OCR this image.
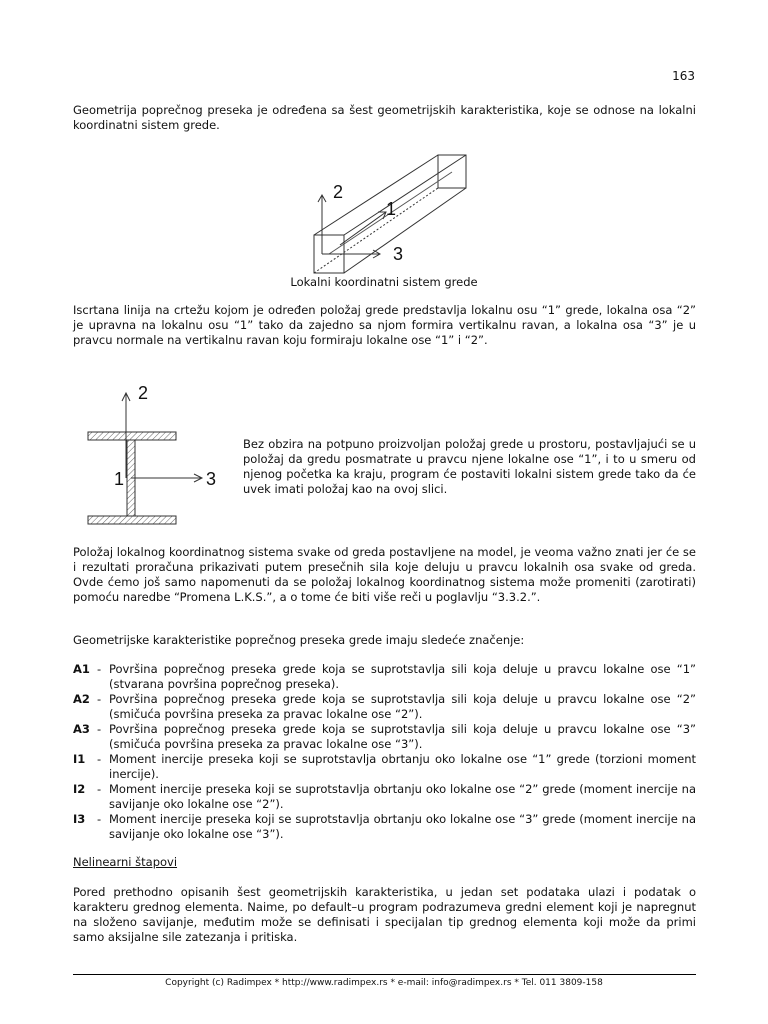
163

Geometrija poprečnog preseka je određena sa šest geometrijskih karakteristika, koje se odnose na lokalni koordinatni sistem grede.

2
1
3
Lokalni koordinatni sistem grede

Iscrtana linija na crtežu kojom je određen položaj grede predstavlja lokalnu osu “1” grede, lokalna osa “2” je upravna na lokalnu osu “1” tako da zajedno sa njom formira vertikalnu ravan, a lokalna osa “3” je u pravcu normale na vertikalnu ravan koju formiraju lokalne ose “1” i “2”.

2
1	3

Bez obzira na potpuno proizvoljan položaj grede u prostoru, postavljajući se u položaj da gredu posmatrate u pravcu njene lokalne ose “1”, i to u smeru od njenog početka ka kraju, program će postaviti lokalni sistem grede tako da će uvek imati položaj kao na ovoj slici.

Položaj lokalnog koordinatnog sistema svake od greda postavljene na model, je veoma važno znati jer će se i rezultati proračuna prikazivati putem presečnih sila koje deluju u pravcu lokalnih osa svake od greda. Ovde ćemo još samo napomenuti da se položaj lokalnog koordinatnog sistema može promeniti (zarotirati) pomoću naredbe “Promena L.K.S.”, a o tome će biti više reči u poglavlju “3.3.2.”.

Geometrijske karakteristike poprečnog preseka grede imaju sledeće značenje:

A1 - Površina poprečnog preseka grede koja se suprotstavlja sili koja deluje u pravcu lokalne ose “1” (stvarana površina poprečnog preseka).
A2 - Površina poprečnog preseka grede koja se suprotstavlja sili koja deluje u pravcu lokalne ose “2” (smičuća površina preseka za pravac lokalne ose “2”).
A3 - Površina poprečnog preseka grede koja se suprotstavlja sili koja deluje u pravcu lokalne ose “3” (smičuća površina preseka za pravac lokalne ose “3”).
I1	- Moment inercije preseka koji se suprotstavlja obrtanju oko lokalne ose “1” grede (torzioni moment inercije).
I2	- Moment inercije preseka koji se suprotstavlja obrtanju oko lokalne ose “2” grede (moment inercije na savijanje oko lokalne ose “2”).
I3	- Moment inercije preseka koji se suprotstavlja obrtanju oko lokalne ose “3” grede (moment inercije na savijanje oko lokalne ose “3”).
Nelinearni štapovi

Pored prethodno opisanih šest geometrijskih karakteristika, u jedan set podataka ulazi i podatak o karakteru grednog elementa. Naime, po default–u program podrazumeva gredni element koji je napregnut na složeno savijanje, međutim može se definisati i specijalan tip grednog elementa koji može da primi samo aksijalne sile zatezanja i pritiska.

Copyright (c) Radimpex * http://www.radimpex.rs * e-mail: info@radimpex.rs * Tel. 011 3809-158
